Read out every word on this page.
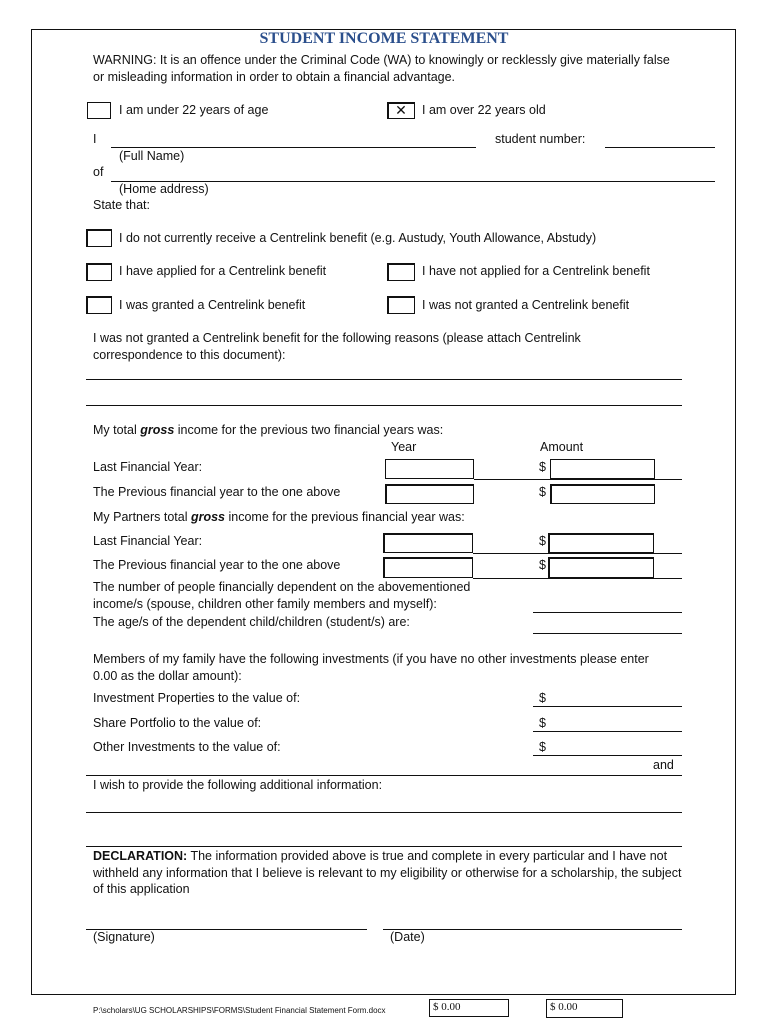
STUDENT INCOME STATEMENT
WARNING: It is an offence under the Criminal Code (WA) to knowingly or recklessly give materially false or misleading information in order to obtain a financial advantage.
I am under 22 years of age	✕	I am over 22 years old
I	student number:
(Full Name)
of
(Home address)
State that:
I do not currently receive a Centrelink benefit (e.g. Austudy, Youth Allowance, Abstudy)
I have applied for a Centrelink benefit	I have not applied for a Centrelink benefit
I was granted a Centrelink benefit	I was not granted a Centrelink benefit
I was not granted a Centrelink benefit for the following reasons (please attach Centrelink correspondence to this document):
My total gross income for the previous two financial years was:
Year	Amount
Last Financial Year:	$
The Previous financial year to the one above	$
My Partners total gross income for the previous financial year was:
Last Financial Year:	$
The Previous financial year to the one above	$
The number of people financially dependent on the abovementioned income/s (spouse, children other family members and myself):
The age/s of the dependent child/children (student/s) are:
Members of my family have the following investments (if you have no other investments please enter 0.00 as the dollar amount):
Investment Properties to the value of:	$
Share Portfolio to the value of:	$
Other Investments to the value of:	$
and
I wish to provide the following additional information:
DECLARATION: The information provided above is true and complete in every particular and I have not withheld any information that I believe is relevant to my eligibility or otherwise for a scholarship, the subject of this application
(Signature)	(Date)
P:\scholars\UG SCHOLARSHIPS\FORMS\Student Financial Statement Form.docx	$ 0.00	$ 0.00
